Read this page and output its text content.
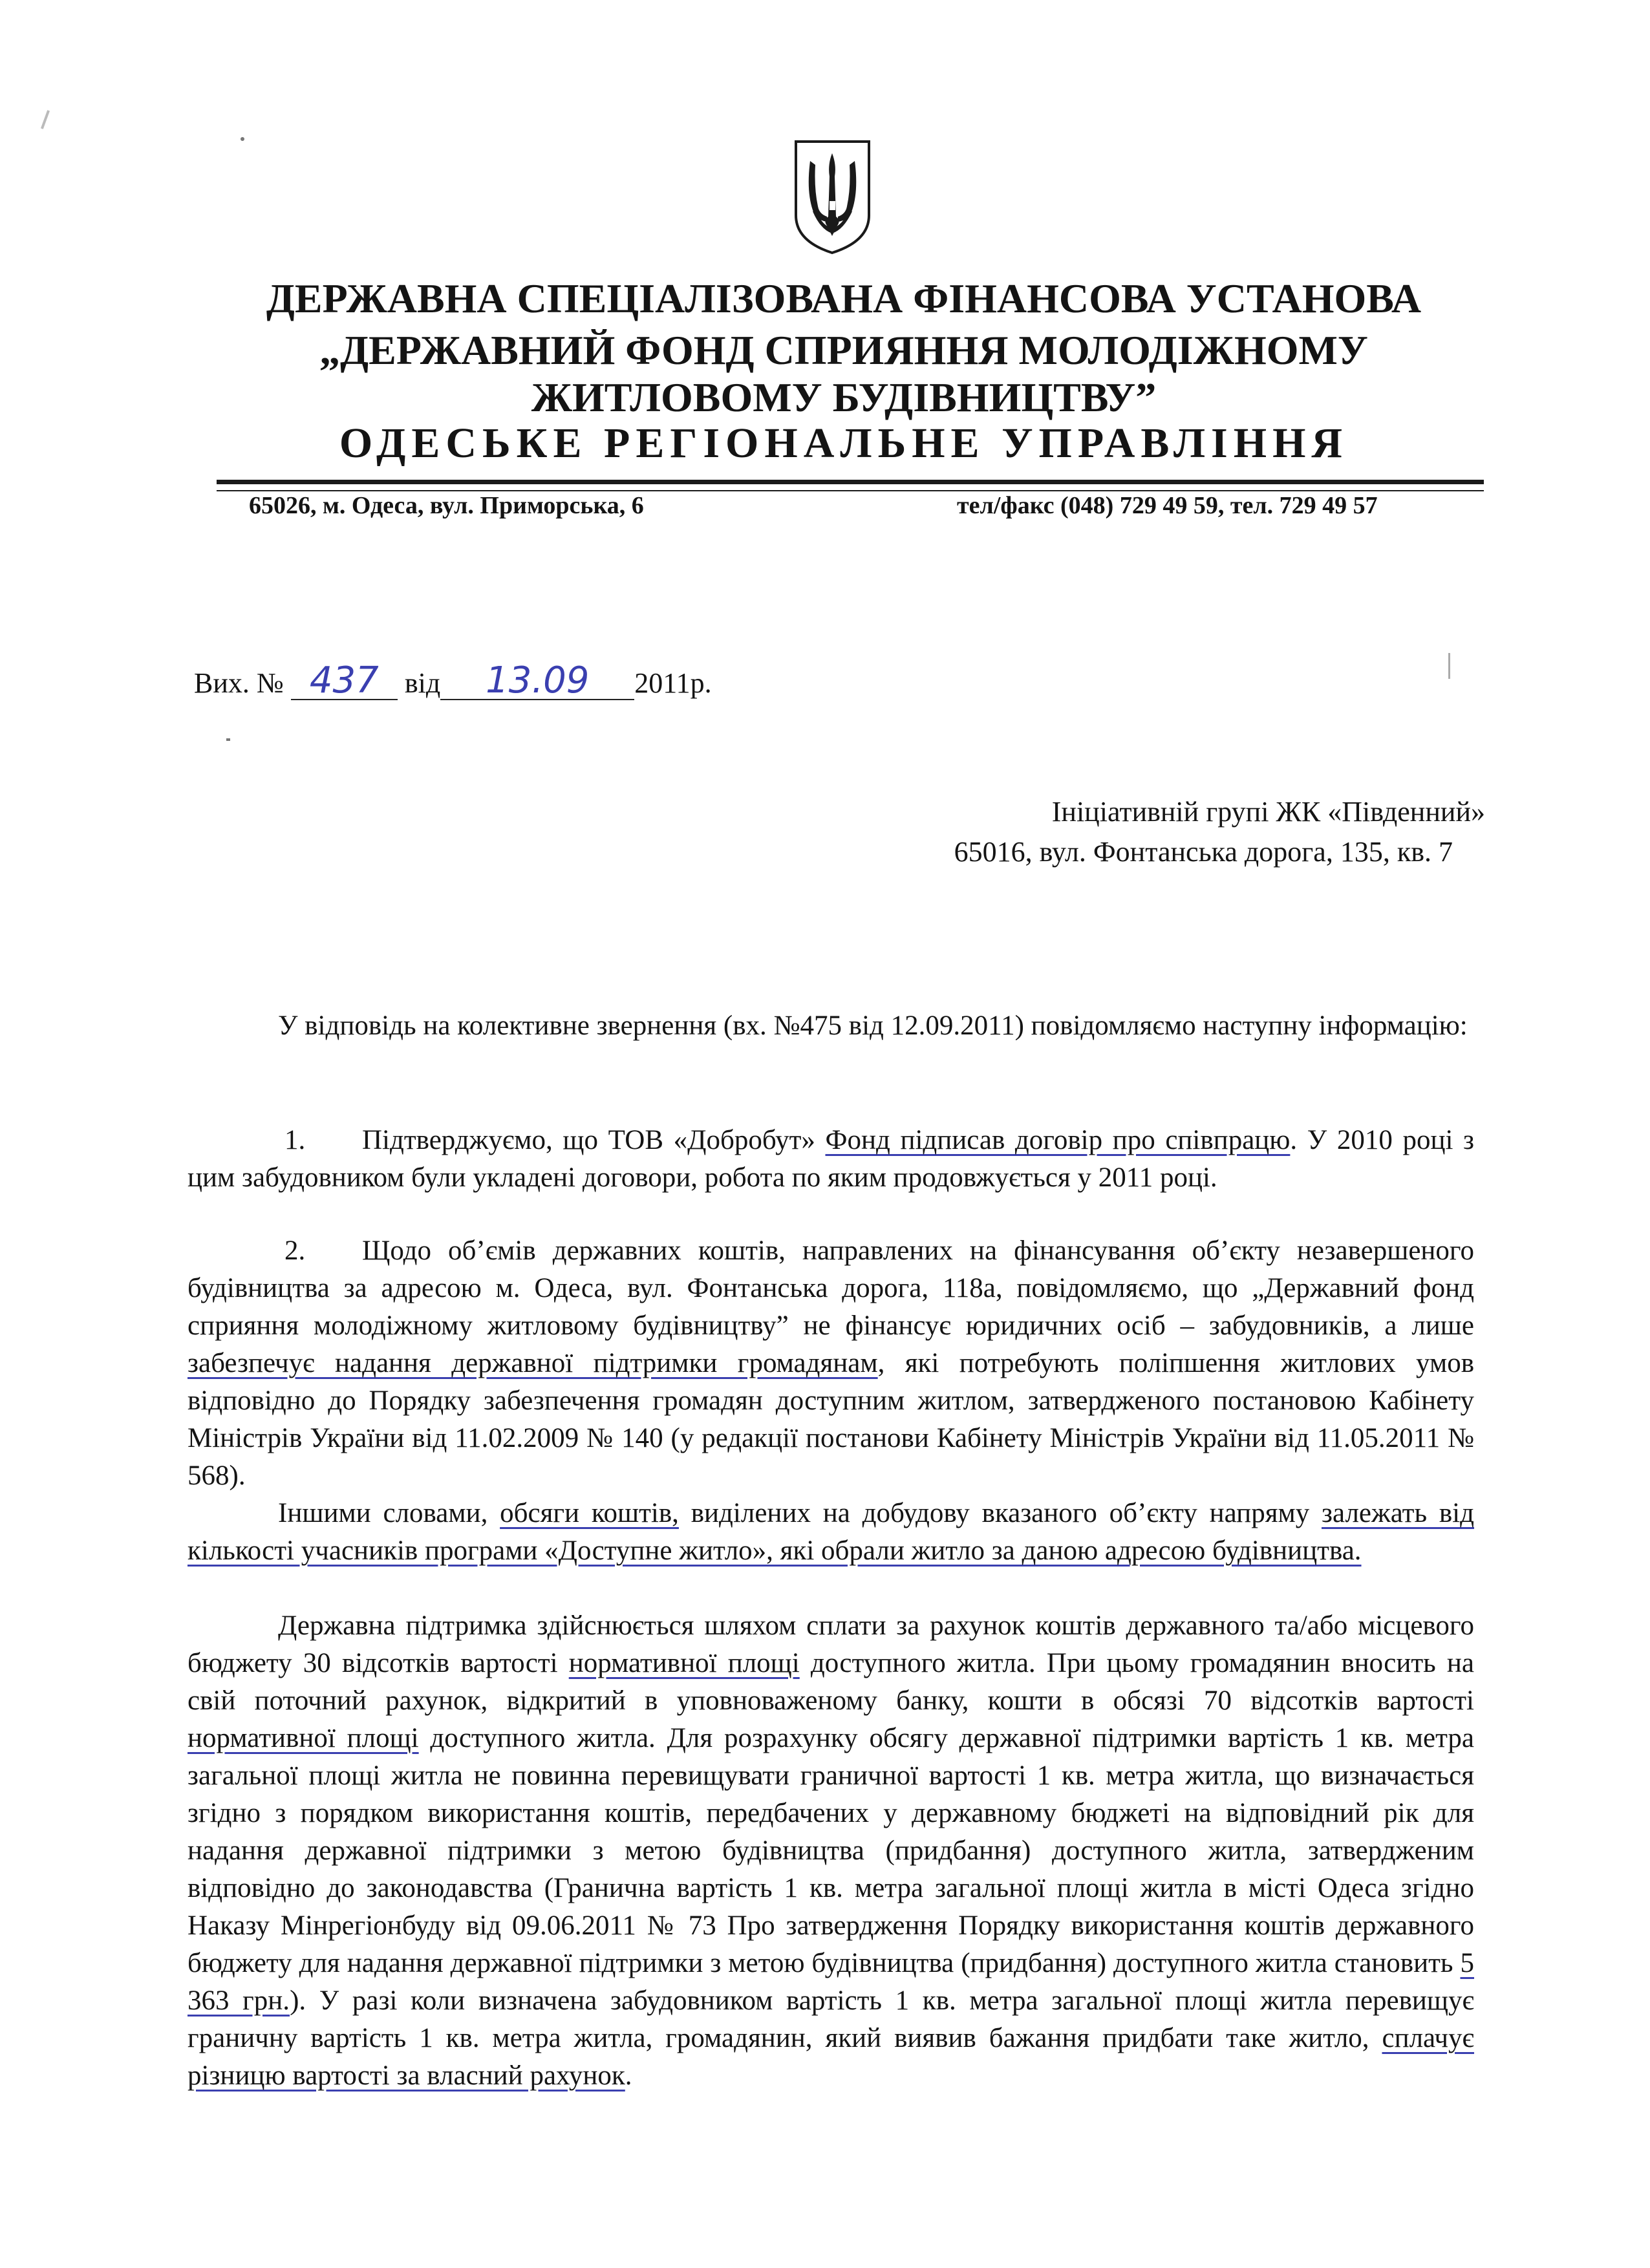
ДЕРЖАВНА СПЕЦІАЛІЗОВАНА ФІНАНСОВА УСТАНОВА
„ДЕРЖАВНИЙ ФОНД СПРИЯННЯ МОЛОДІЖНОМУ
ЖИТЛОВОМУ БУДІВНИЦТВУ”
ОДЕСЬКЕ РЕГІОНАЛЬНЕ УПРАВЛІННЯ
65026, м. Одеса, вул. Приморська, 6	тел/факс (048) 729 49 59, тел. 729 49 57
Вих. № 437 від 13.09 2011р.
Ініціативній групі ЖК «Південний»
65016, вул. Фонтанська дорога, 135, кв. 7
У відповідь на колективне звернення (вх. №475 від 12.09.2011) повідомляємо наступну інформацію:
1. Підтверджуємо, що ТОВ «Добробут» Фонд підписав договір про співпрацю. У 2010 році з цим забудовником були укладені договори, робота по яким продовжується у 2011 році.
2. Щодо об’ємів державних коштів, направлених на фінансування об’єкту незавершеного будівництва за адресою м. Одеса, вул. Фонтанська дорога, 118а, повідомляємо, що „Державний фонд сприяння молодіжному житловому будівництву” не фінансує юридичних осіб – забудовників, а лише забезпечує надання державної підтримки громадянам, які потребують поліпшення житлових умов відповідно до Порядку забезпечення громадян доступним житлом, затвердженого постановою Кабінету Міністрів України від 11.02.2009 № 140 (у редакції постанови Кабінету Міністрів України від 11.05.2011 № 568).
Іншими словами, обсяги коштів, виділених на добудову вказаного об’єкту напряму залежать від кількості учасників програми «Доступне житло», які обрали житло за даною адресою будівництва.
Державна підтримка здійснюється шляхом сплати за рахунок коштів державного та/або місцевого бюджету 30 відсотків вартості нормативної площі доступного житла. При цьому громадянин вносить на свій поточний рахунок, відкритий в уповноваженому банку, кошти в обсязі 70 відсотків вартості нормативної площі доступного житла. Для розрахунку обсягу державної підтримки вартість 1 кв. метра загальної площі житла не повинна перевищувати граничної вартості 1 кв. метра житла, що визначається згідно з порядком використання коштів, передбачених у державному бюджеті на відповідний рік для надання державної підтримки з метою будівництва (придбання) доступного житла, затвердженим відповідно до законодавства (Гранична вартість 1 кв. метра загальної площі житла в місті Одеса згідно Наказу Мінрегіонбуду від 09.06.2011 № 73 Про затвердження Порядку використання коштів державного бюджету для надання державної підтримки з метою будівництва (придбання) доступного житла становить 5 363 грн.). У разі коли визначена забудовником вартість 1 кв. метра загальної площі житла перевищує граничну вартість 1 кв. метра житла, громадянин, який виявив бажання придбати таке житло, сплачує різницю вартості за власний рахунок.
